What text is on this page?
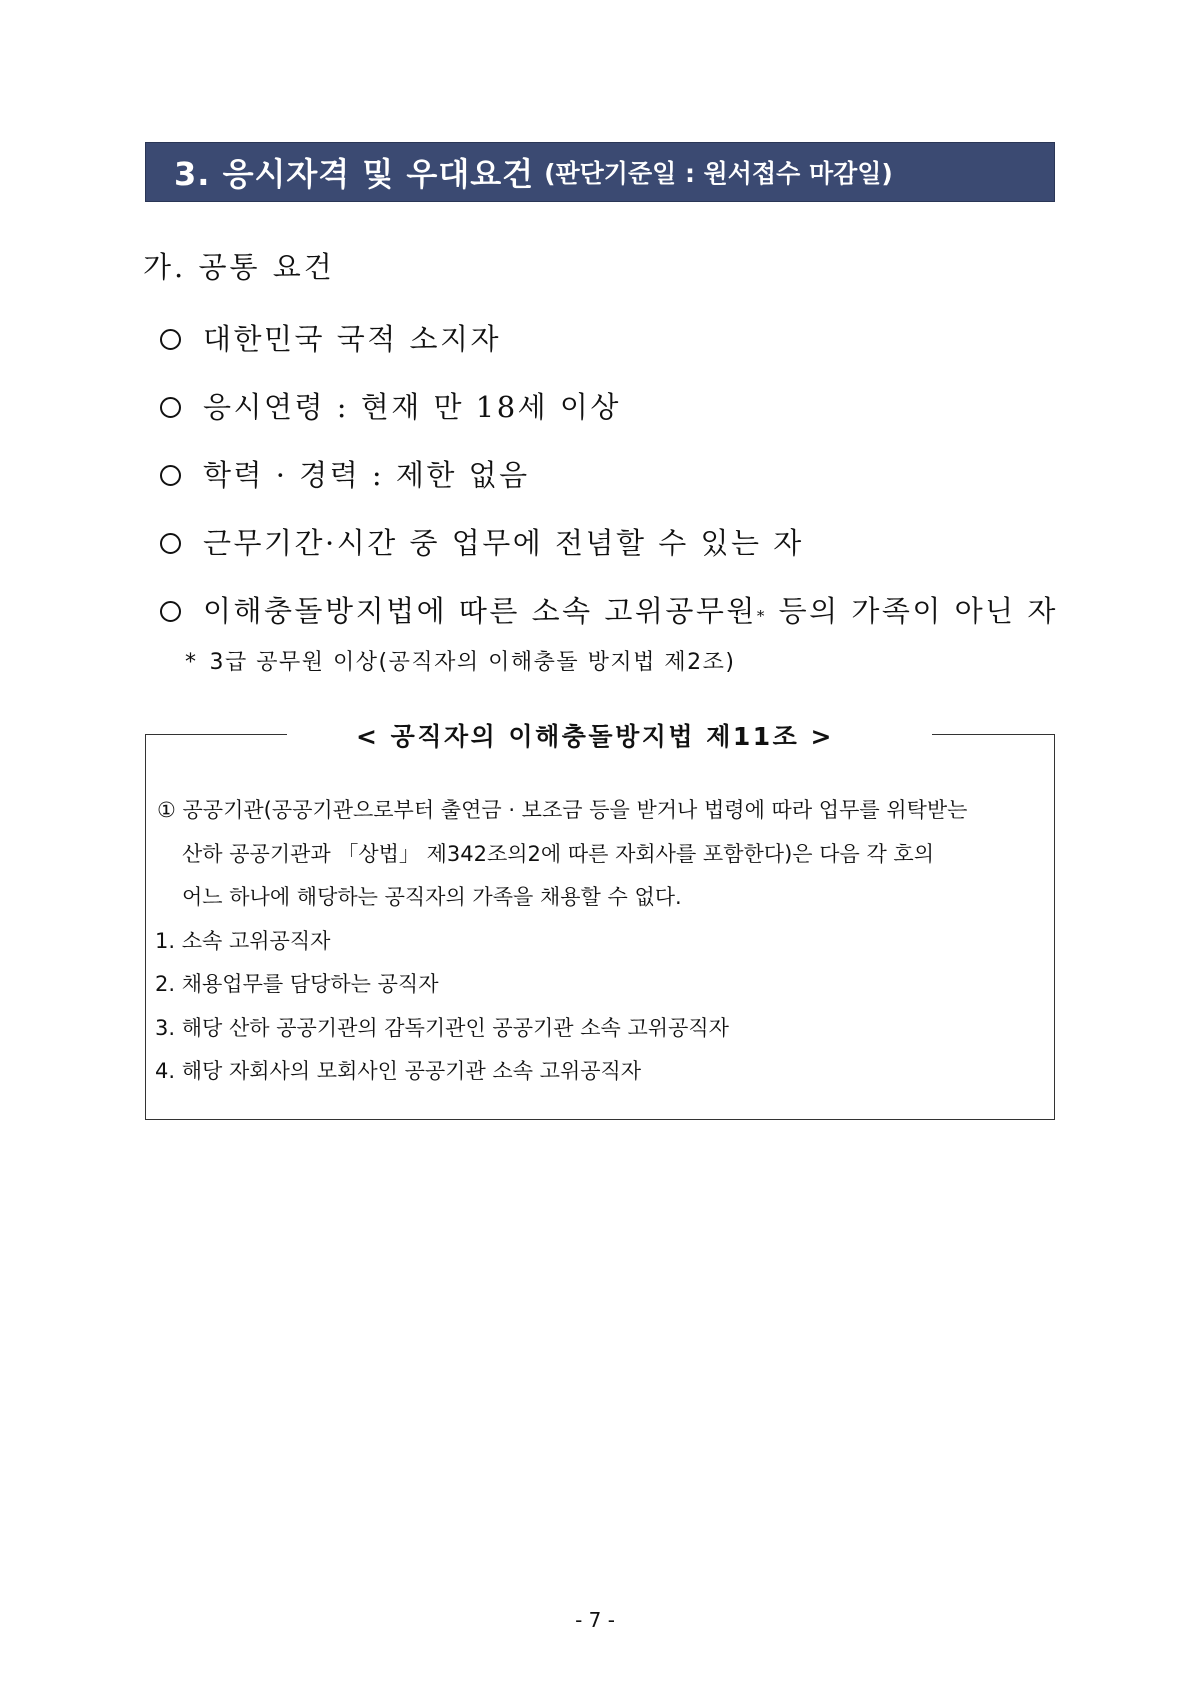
3. 응시자격 및 우대요건 (판단기준일 : 원서접수 마감일)
가. 공통 요건
대한민국 국적 소지자
응시연령 : 현재 만 18세 이상
학력 · 경력 : 제한 없음
근무기간·시간 중 업무에 전념할 수 있는 자
이해충돌방지법에 따른 소속 고위공무원$_*$ 등의 가족이 아닌 자
* 3급 공무원 이상(공직자의 이해충돌 방지법 제2조)
< 공직자의 이해충돌방지법 제11조 >
① 공공기관(공공기관으로부터 출연금 · 보조금 등을 받거나 법령에 따라 업무를 위탁받는
산하 공공기관과 「상법」 제342조의2에 따른 자회사를 포함한다)은 다음 각 호의
어느 하나에 해당하는 공직자의 가족을 채용할 수 없다.
1. 소속 고위공직자
2. 채용업무를 담당하는 공직자
3. 해당 산하 공공기관의 감독기관인 공공기관 소속 고위공직자
4. 해당 자회사의 모회사인 공공기관 소속 고위공직자
- 7 -
